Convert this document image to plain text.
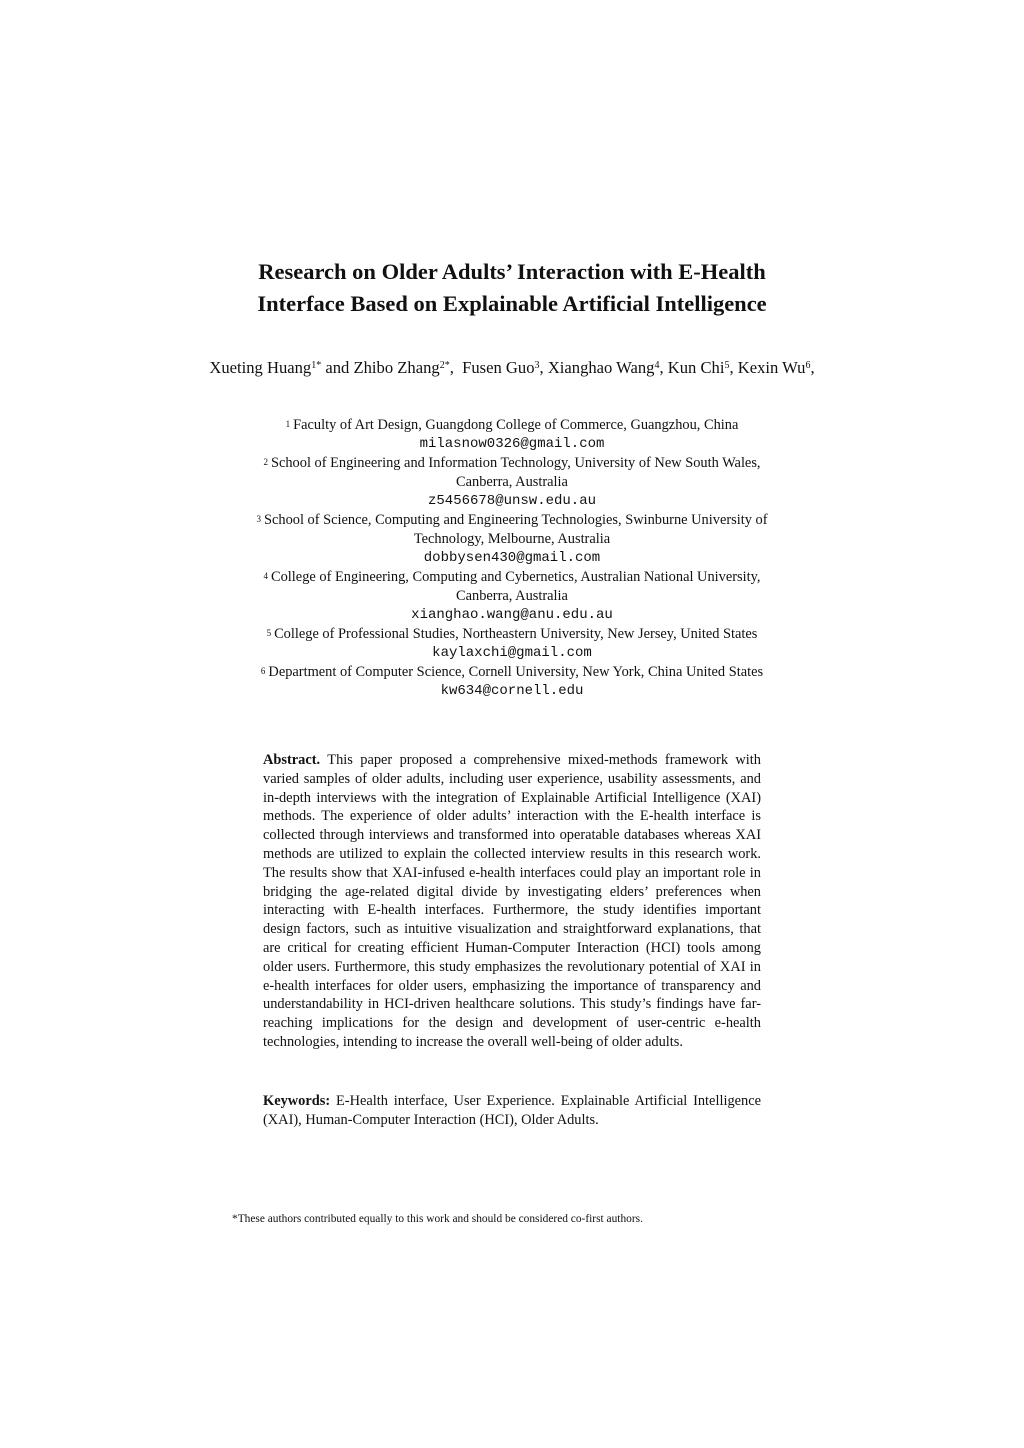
Research on Older Adults’ Interaction with E-Health
Interface Based on Explainable Artificial Intelligence
Xueting Huang$^{1*}$ and Zhibo Zhang$^{2*}$,  Fusen Guo$^3$, Xianghao Wang$^4$, Kun Chi$^5$, Kexin Wu$^6$,
$^1$ Faculty of Art Design, Guangdong College of Commerce, Guangzhou, China
milasnow0326@gmail.com
$^2$ School of Engineering and Information Technology, University of New South Wales,
Canberra, Australia
z5456678@unsw.edu.au
$^3$ School of Science, Computing and Engineering Technologies, Swinburne University of
Technology, Melbourne, Australia
dobbysen430@gmail.com
$^4$ College of Engineering, Computing and Cybernetics, Australian National University,
Canberra, Australia
xianghao.wang@anu.edu.au
$^5$ College of Professional Studies, Northeastern University, New Jersey, United States
kaylaxchi@gmail.com
$^6$ Department of Computer Science, Cornell University, New York, China United States
kw634@cornell.edu
Abstract. This paper proposed a comprehensive mixed-methods framework with varied samples of older adults, including user experience, usability assessments, and in-depth interviews with the integration of Explainable Artificial Intelligence (XAI) methods. The experience of older adults’ interaction with the E-health interface is collected through interviews and transformed into operatable databases whereas XAI methods are utilized to explain the collected interview results in this research work. The results show that XAI-infused e-health interfaces could play an important role in bridging the age-related digital divide by investigating elders’ preferences when interacting with E-health interfaces. Furthermore, the study identifies important design factors, such as intuitive visualization and straightforward explanations, that are critical for creating efficient Human-Computer Interaction (HCI) tools among older users. Furthermore, this study emphasizes the revolutionary potential of XAI in e-health interfaces for older users, emphasizing the importance of transparency and understandability in HCI-driven healthcare solutions. This study’s findings have far-reaching implications for the design and development of user-centric e-health technologies, intending to increase the overall well-being of older adults.
Keywords: E-Health interface, User Experience. Explainable Artificial Intelligence (XAI), Human-Computer Interaction (HCI), Older Adults.
*These authors contributed equally to this work and should be considered co-first authors.
